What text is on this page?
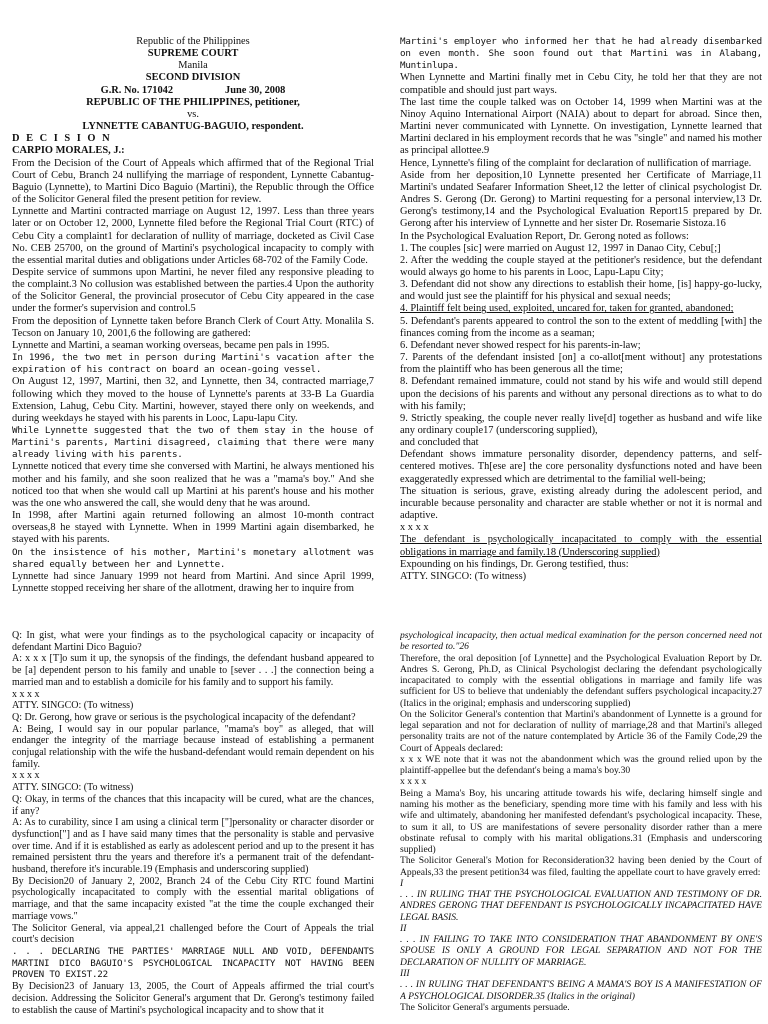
Republic of the Philippines

SUPREME COURT

Manila

SECOND DIVISION

G.R. No. 171042                    June 30, 2008

REPUBLIC OF THE PHILIPPINES, petitioner,

vs.

LYNNETTE CABANTUG-BAGUIO, respondent.

D E C I S I O N

CARPIO MORALES, J.:

From the Decision of the Court of Appeals which affirmed that of the Regional Trial Court of Cebu, Branch 24 nullifying the marriage of respondent, Lynnette Cabantug-Baguio (Lynnette), to Martini Dico Baguio (Martini), the Republic through the Office of the Solicitor General filed the present petition for review.

Lynnette and Martini contracted marriage on August 12, 1997. Less than three years later or on October 12, 2000, Lynnette filed before the Regional Trial Court (RTC) of Cebu City a complaint1 for declaration of nullity of marriage, docketed as Civil Case No. CEB 25700, on the ground of Martini's psychological incapacity to comply with the essential marital duties and obligations under Articles 68-702 of the Family Code.

Despite service of summons upon Martini, he never filed any responsive pleading to the complaint.3 No collusion was established between the parties.4 Upon the authority of the Solicitor General, the provincial prosecutor of Cebu City appeared in the case under the former's supervision and control.5

From the deposition of Lynnette taken before Branch Clerk of Court Atty. Monalila S. Tecson on January 10, 2001,6 the following are gathered:

Lynnette and Martini, a seaman working overseas, became pen pals in 1995.

In 1996, the two met in person during Martini's vacation after the expiration of his contract on board an ocean-going vessel.

On August 12, 1997, Martini, then 32, and Lynnette, then 34, contracted marriage,7 following which they moved to the house of Lynnette's parents at 33-B La Guardia Extension, Lahug, Cebu City. Martini, however, stayed there only on weekends, and during weekdays he stayed with his parents in Looc, Lapu-lapu City.

While Lynnette suggested that the two of them stay in the house of Martini's parents, Martini disagreed, claiming that there were many already living with his parents.

Lynnette noticed that every time she conversed with Martini, he always mentioned his mother and his family, and she soon realized that he was a "mama's boy." And she noticed too that when she would call up Martini at his parent's house and his mother was the one who answered the call, she would deny that he was around.

In 1998, after Martini again returned following an almost 10-month contract overseas,8 he stayed with Lynnette. When in 1999 Martini again disembarked, he stayed with his parents.

On the insistence of his mother, Martini's monetary allotment was shared equally between her and Lynnette.

Lynnette had since January 1999 not heard from Martini. And since April 1999, Lynnette stopped receiving her share of the allotment, drawing her to inquire from

Martini's employer who informed her that he had already disembarked on even month. She soon found out that Martini was in Alabang, Muntinlupa.

When Lynnette and Martini finally met in Cebu City, he told her that they are not compatible and should just part ways.

The last time the couple talked was on October 14, 1999 when Martini was at the Ninoy Aquino International Airport (NAIA) about to depart for abroad. Since then, Martini never communicated with Lynnette. On investigation, Lynnette learned that Martini declared in his employment records that he was "single" and named his mother as principal allottee.9

Hence, Lynnette's filing of the complaint for declaration of nullification of marriage.

Aside from her deposition,10 Lynnette presented her Certificate of Marriage,11 Martini's undated Seafarer Information Sheet,12 the letter of clinical psychologist Dr. Andres S. Gerong (Dr. Gerong) to Martini requesting for a personal interview,13 Dr. Gerong's testimony,14 and the Psychological Evaluation Report15 prepared by Dr. Gerong after his interview of Lynnette and her sister Dr. Rosemarie Sistoza.16

In the Psychological Evaluation Report, Dr. Gerong noted as follows:

1. The couples [sic] were married on August 12, 1997 in Danao City, Cebu[;]

2. After the wedding the couple stayed at the petitioner's residence, but the defendant would always go home to his parents in Looc, Lapu-Lapu City;

3. Defendant did not show any directions to establish their home, [is] happy-go-lucky, and would just see the plaintiff for his physical and sexual needs;

4. Plaintiff felt being used, exploited, uncared for, taken for granted, abandoned;

5. Defendant's parents appeared to control the son to the extent of meddling [with] the finances coming from the income as a seaman;

6. Defendant never showed respect for his parents-in-law;

7. Parents of the defendant insisted [on] a co-allot[ment without] any protestations from the plaintiff who has been generous all the time;

8. Defendant remained immature, could not stand by his wife and would still depend upon the decisions of his parents and without any personal directions as to what to do with his family;

9. Strictly speaking, the couple never really live[d] together as husband and wife like any ordinary couple17 (underscoring supplied),

and concluded that

Defendant shows immature personality disorder, dependency patterns, and self-centered motives. Th[ese are] the core personality dysfunctions noted and have been exaggeratedly expressed which are detrimental to the familial well-being;

The situation is serious, grave, existing already during the adolescent period, and incurable because personality and character are stable whether or not it is normal and adaptive.

x x x x

The defendant is psychologically incapacitated to comply with the essential obligations in marriage and family.18 (Underscoring supplied)

Expounding on his findings, Dr. Gerong testified, thus:

ATTY. SINGCO: (To witness)

Q: In gist, what were your findings as to the psychological capacity or incapacity of defendant Martini Dico Baguio?

A: x x x [T]o sum it up, the synopsis of the findings, the defendant husband appeared to be [a] dependent person to his family and unable to [sever . . .] the connection being a married man and to establish a domicile for his family and to support his family.

x x x x

ATTY. SINGCO: (To witness)

Q: Dr. Gerong, how grave or serious is the psychological incapacity of the defendant?

A: Being, I would say in our popular parlance, "mama's boy" as alleged, that will endanger the integrity of the marriage because instead of establishing a permanent conjugal relationship with the wife the husband-defendant would remain dependent on his family.

x x x x

ATTY. SINGCO: (To witness)

Q: Okay, in terms of the chances that this incapacity will be cured, what are the chances, if any?

A: As to curability, since I am using a clinical term ["]personality or character disorder or dysfunction["] and as I have said many times that the personality is stable and pervasive over time. And if it is established as early as adolescent period and up to the present it has remained persistent thru the years and therefore it's a permanent trait of the defendant-husband, therefore it's incurable.19 (Emphasis and underscoring supplied)

By Decision20 of January 2, 2002, Branch 24 of the Cebu City RTC found Martini psychologically incapacitated to comply with the essential marital obligations of marriage, and that the same incapacity existed "at the time the couple exchanged their marriage vows."

The Solicitor General, via appeal,21 challenged before the Court of Appeals the trial court's decision

. . . DECLARING THE PARTIES' MARRIAGE NULL AND VOID, DEFENDANTS MARTINI DICO BAGUIO'S PSYCHOLOGICAL INCAPACITY NOT HAVING BEEN PROVEN TO EXIST.22

By Decision23 of January 13, 2005, the Court of Appeals affirmed the trial court's decision. Addressing the Solicitor General's argument that Dr. Gerong's testimony failed to establish the cause of Martini's psychological incapacity and to show that it

psychological incapacity, then actual medical examination for the person concerned need not be resorted to."26

Therefore, the oral deposition [of Lynnette] and the Psychological Evaluation Report by Dr. Andres S. Gerong, Ph.D, as Clinical Psychologist declaring the defendant psychologically incapacitated to comply with the essential obligations in marriage and family life was sufficient for US to believe that undeniably the defendant suffers psychological incapacity.27 (Italics in the original; emphasis and underscoring supplied)

On the Solicitor General's contention that Martini's abandonment of Lynnette is a ground for legal separation and not for declaration of nullity of marriage,28 and that Martini's alleged personality traits are not of the nature contemplated by Article 36 of the Family Code,29 the Court of Appeals declared:

x x x WE note that it was not the abandonment which was the ground relied upon by the plaintiff-appellee but the defendant's being a mama's boy.30

x x x x

Being a Mama's Boy, his uncaring attitude towards his wife, declaring himself single and naming his mother as the beneficiary, spending more time with his family and less with his wife and ultimately, abandoning her manifested defendant's psychological incapacity. These, to sum it all, to US are manifestations of severe personality disorder rather than a mere obstinate refusal to comply with his marital obligations.31 (Emphasis and underscoring supplied)

The Solicitor General's Motion for Reconsideration32 having been denied by the Court of Appeals,33 the present petition34 was filed, faulting the appellate court to have gravely erred:

I

. . . IN RULING THAT THE PSYCHOLOGICAL EVALUATION AND TESTIMONY OF DR. ANDRES GERONG THAT DEFENDANT IS PSYCHOLOGICALLY INCAPACITATED HAVE LEGAL BASIS.

II

. . . IN FAILING TO TAKE INTO CONSIDERATION THAT ABANDONMENT BY ONE'S SPOUSE IS ONLY A GROUND FOR LEGAL SEPARATION AND NOT FOR THE DECLARATION OF NULLITY OF MARRIAGE.

III

. . . IN RULING THAT DEFENDANT'S BEING A MAMA'S BOY IS A MANIFESTATION OF A PSYCHOLOGICAL DISORDER.35 (Italics in the original)

The Solicitor General's arguments persuade.
